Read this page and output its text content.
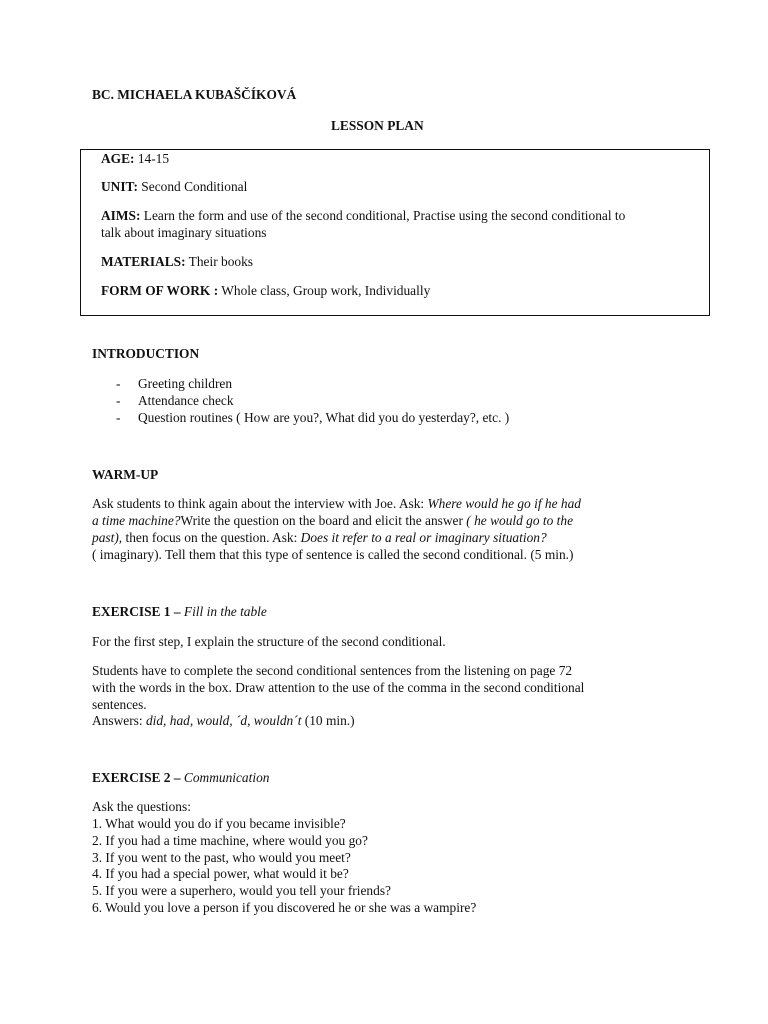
BC. MICHAELA KUBAŠČÍKOVÁ
LESSON PLAN
AGE: 14-15
UNIT: Second Conditional
AIMS: Learn the form and use of the second conditional, Practise using the second conditional to
talk about imaginary situations
MATERIALS: Their books
FORM OF WORK : Whole class, Group work, Individually
INTRODUCTION
- Greeting children
- Attendance check
- Question routines ( How are you?, What did you do yesterday?, etc. )
WARM-UP
Ask students to think again about the interview with Joe. Ask: Where would he go if he had
a time machine?Write the question on the board and elicit the answer ( he would go to the
past), then focus on the question. Ask: Does it refer to a real or imaginary situation?
( imaginary). Tell them that this type of sentence is called the second conditional. (5 min.)
EXERCISE 1 – Fill in the table
For the first step, I explain the structure of the second conditional.
Students have to complete the second conditional sentences from the listening on page 72
with the words in the box. Draw attention to the use of the comma in the second conditional
sentences.
Answers: did, had, would, ´d, wouldn´t (10 min.)
EXERCISE 2 – Communication
Ask the questions:
1. What would you do if you became invisible?
2. If you had a time machine, where would you go?
3. If you went to the past, who would you meet?
4. If you had a special power, what would it be?
5. If you were a superhero, would you tell your friends?
6. Would you love a person if you discovered he or she was a wampire?
